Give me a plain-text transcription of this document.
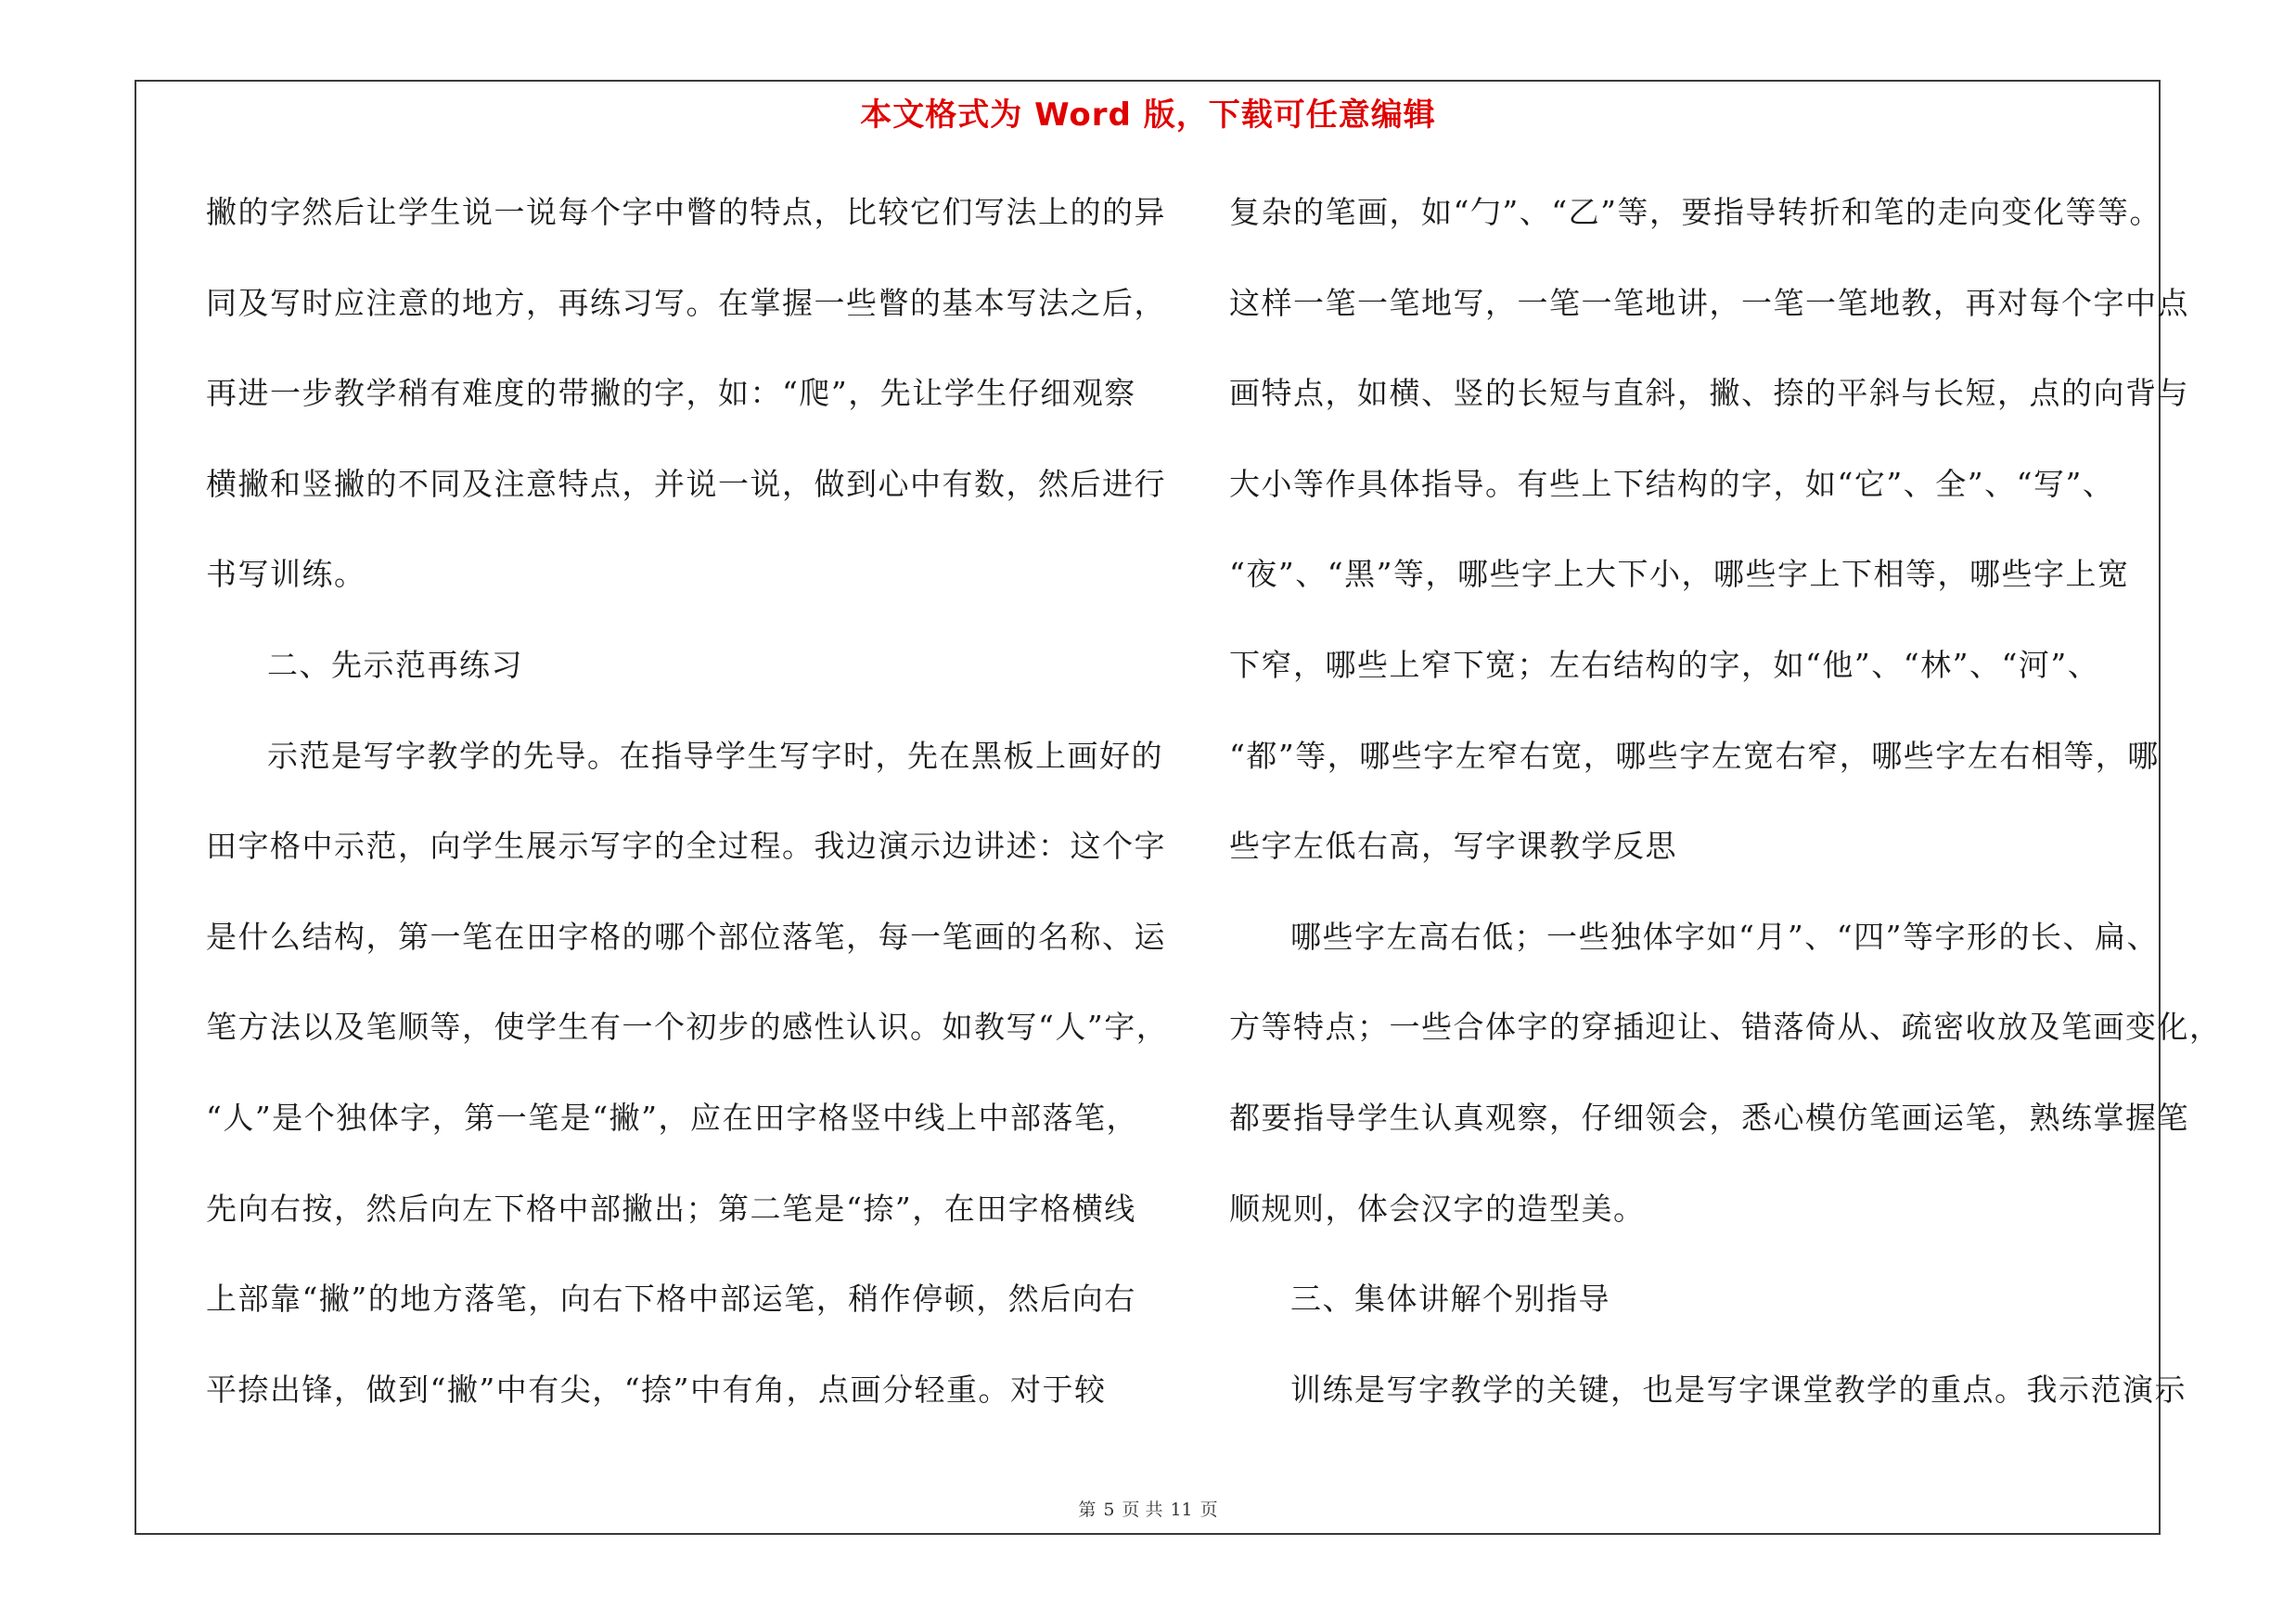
本文格式为 Word 版，下载可任意编辑
撇的字然后让学生说一说每个字中瞥的特点，比较它们写法上的的异
同及写时应注意的地方，再练习写。在掌握一些瞥的基本写法之后，
再进一步教学稍有难度的带撇的字，如：“爬”，先让学生仔细观察
横撇和竖撇的不同及注意特点，并说一说，做到心中有数，然后进行
书写训练。
二、先示范再练习
示范是写字教学的先导。在指导学生写字时，先在黑板上画好的
田字格中示范，向学生展示写字的全过程。我边演示边讲述：这个字
是什么结构，第一笔在田字格的哪个部位落笔，每一笔画的名称、运
笔方法以及笔顺等，使学生有一个初步的感性认识。如教写“人”字，
“人”是个独体字，第一笔是“撇”，应在田字格竖中线上中部落笔，
先向右按，然后向左下格中部撇出；第二笔是“捺”，在田字格横线
上部靠“撇”的地方落笔，向右下格中部运笔，稍作停顿，然后向右
平捺出锋，做到“撇”中有尖，“捺”中有角，点画分轻重。对于较
复杂的笔画，如“勹”、“乙”等，要指导转折和笔的走向变化等等。
这样一笔一笔地写，一笔一笔地讲，一笔一笔地教，再对每个字中点
画特点，如横、竖的长短与直斜，撇、捺的平斜与长短，点的向背与
大小等作具体指导。有些上下结构的字，如“它”、全”、“写”、
“夜”、“黑”等，哪些字上大下小，哪些字上下相等，哪些字上宽
下窄，哪些上窄下宽；左右结构的字，如“他”、“林”、“河”、
“都”等，哪些字左窄右宽，哪些字左宽右窄，哪些字左右相等，哪
些字左低右高，写字课教学反思
哪些字左高右低；一些独体字如“月”、“四”等字形的长、扁、
方等特点；一些合体字的穿插迎让、错落倚从、疏密收放及笔画变化，
都要指导学生认真观察，仔细领会，悉心模仿笔画运笔，熟练掌握笔
顺规则，体会汉字的造型美。
三、集体讲解个别指导
训练是写字教学的关键，也是写字课堂教学的重点。我示范演示
第 5 页 共 11 页
